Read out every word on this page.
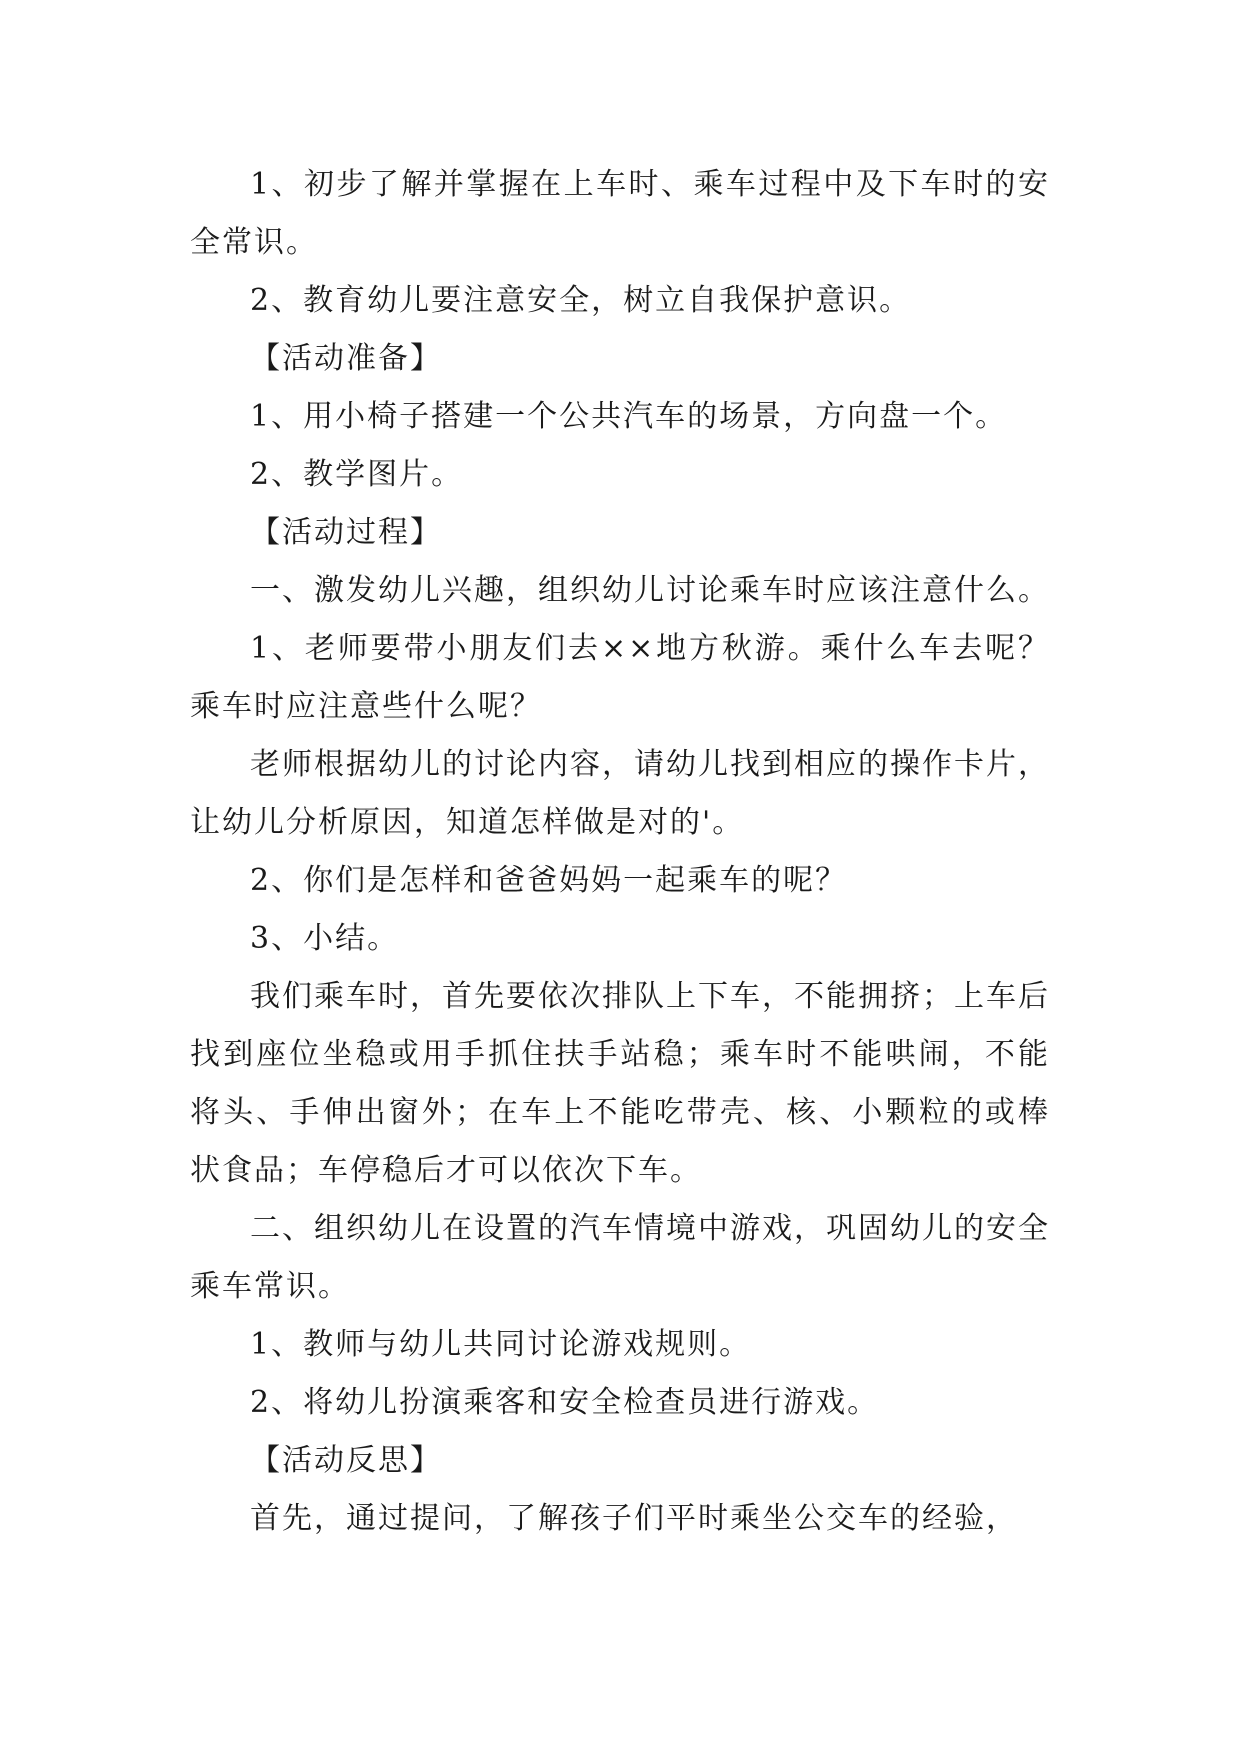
1、初步了解并掌握在上车时、乘车过程中及下车时的安全常识。

2、教育幼儿要注意安全，树立自我保护意识。

【活动准备】

1、用小椅子搭建一个公共汽车的场景，方向盘一个。

2、教学图片。

【活动过程】

一、激发幼儿兴趣，组织幼儿讨论乘车时应该注意什么。

1、老师要带小朋友们去××地方秋游。乘什么车去呢？乘车时应注意些什么呢？

老师根据幼儿的讨论内容，请幼儿找到相应的操作卡片，让幼儿分析原因，知道怎样做是对的'。

2、你们是怎样和爸爸妈妈一起乘车的呢？

3、小结。

我们乘车时，首先要依次排队上下车，不能拥挤；上车后找到座位坐稳或用手抓住扶手站稳；乘车时不能哄闹，不能将头、手伸出窗外；在车上不能吃带壳、核、小颗粒的或棒状食品；车停稳后才可以依次下车。

二、组织幼儿在设置的汽车情境中游戏，巩固幼儿的安全乘车常识。

1、教师与幼儿共同讨论游戏规则。

2、将幼儿扮演乘客和安全检查员进行游戏。

【活动反思】

首先，通过提问，了解孩子们平时乘坐公交车的经验，
